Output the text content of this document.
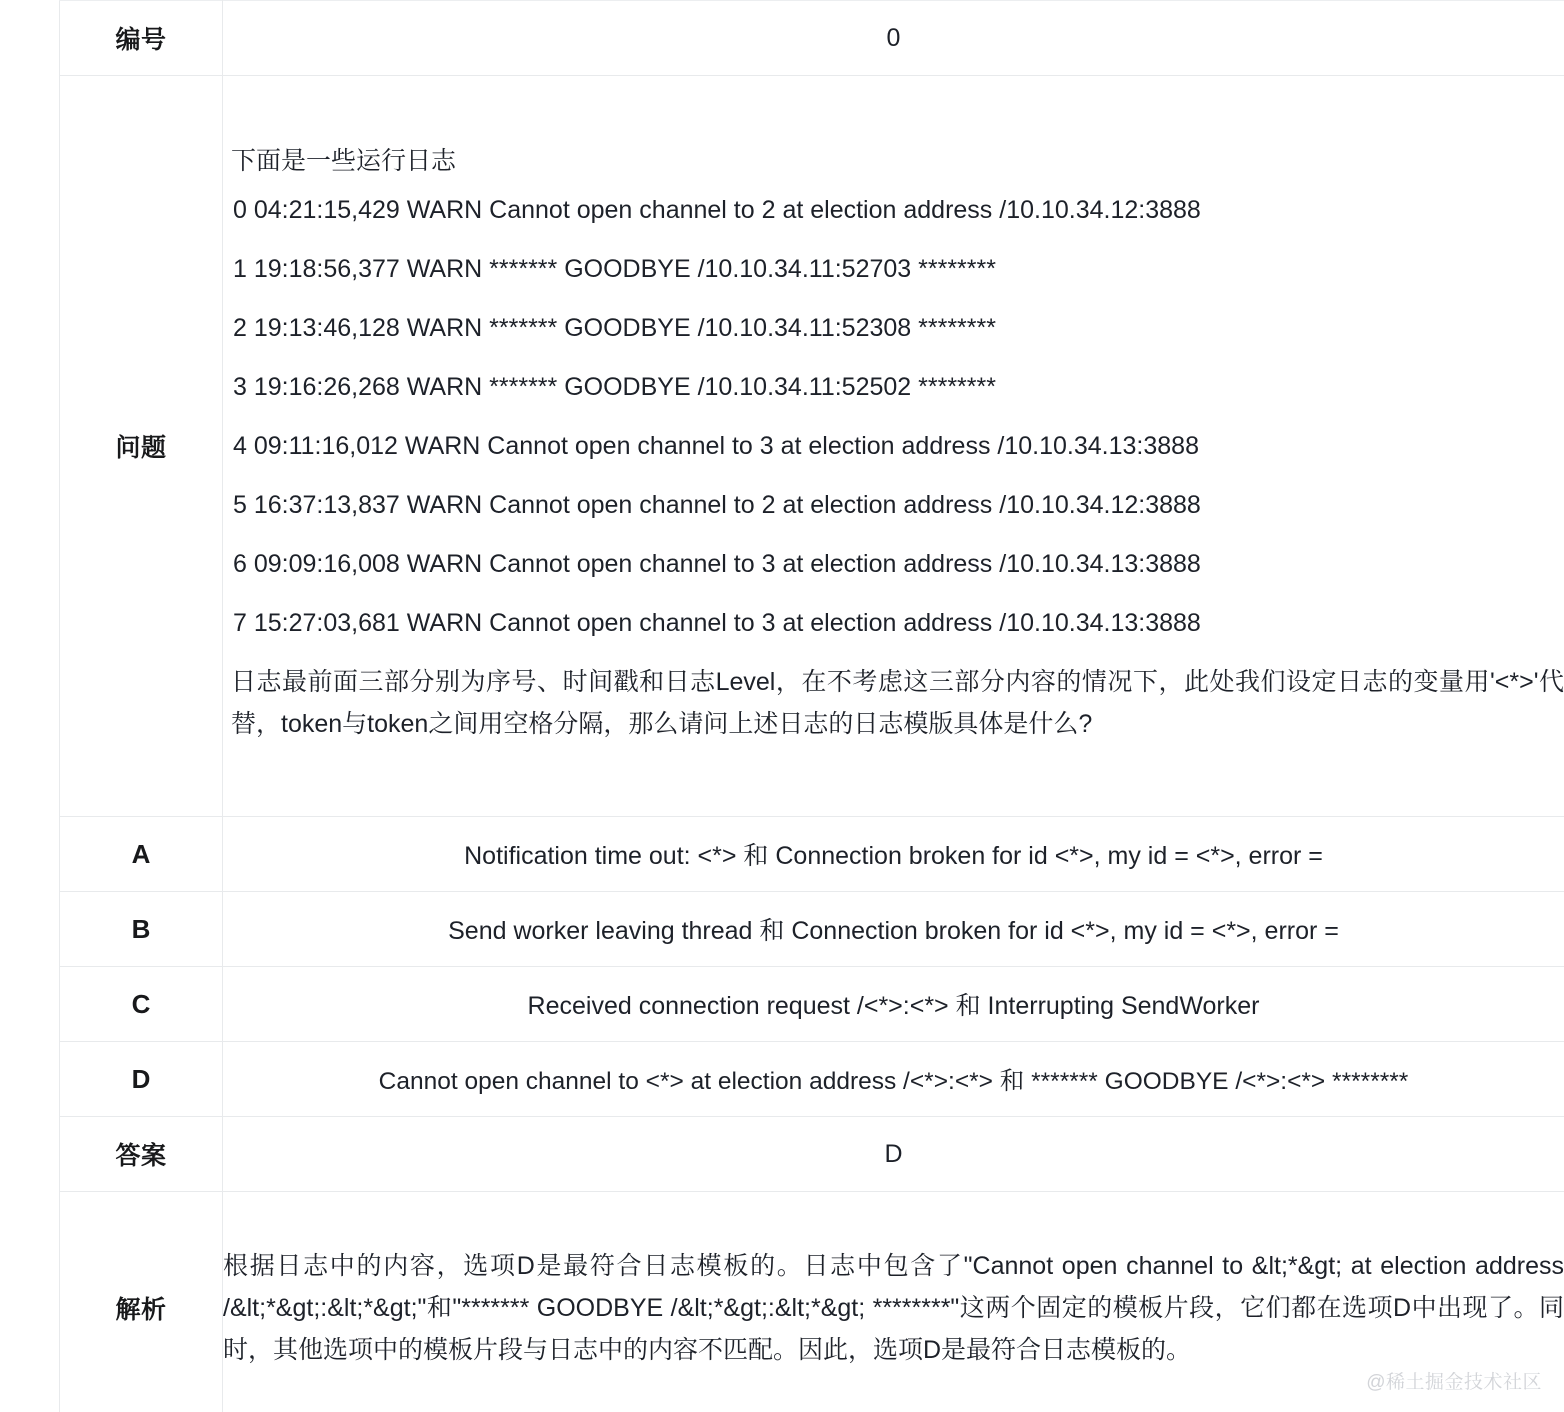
编号	0
问题	

下面是一些运行日志

0 04:21:15,429 WARN Cannot open channel to 2 at election address /10.10.34.12:3888
1 19:18:56,377 WARN ******* GOODBYE /10.10.34.11:52703 ********
2 19:13:46,128 WARN ******* GOODBYE /10.10.34.11:52308 ********
3 19:16:26,268 WARN ******* GOODBYE /10.10.34.11:52502 ********
4 09:11:16,012 WARN Cannot open channel to 3 at election address /10.10.34.13:3888
5 16:37:13,837 WARN Cannot open channel to 2 at election address /10.10.34.12:3888
6 09:09:16,008 WARN Cannot open channel to 3 at election address /10.10.34.13:3888
7 15:27:03,681 WARN Cannot open channel to 3 at election address /10.10.34.13:3888

日志最前面三部分别为序号、时间戳和日志Level，在不考虑这三部分内容的情况下，此处我们设定日志的变量用'<*>'代替，token与token之间用空格分隔，那么请问上述日志的日志模版具体是什么?

A	Notification time out: <*> 和 Connection broken for id <*>, my id = <*>, error =

B	Send worker leaving thread 和 Connection broken for id <*>, my id = <*>, error =

C	Received connection request /<*>:<*> 和 Interrupting SendWorker

D	Cannot open channel to <*> at election address /<*>:<*> 和 ******* GOODBYE /<*>:<*> ********

答案	D
解析	根据日志中的内容，选项D是最符合日志模板的。日志中包含了"Cannot open channel to &lt;*&gt; at election address /&lt;*&gt;:&lt;*&gt;"和"******* GOODBYE /&lt;*&gt;:&lt;*&gt; ********"这两个固定的模板片段，它们都在选项D中出现了。同时，其他选项中的模板片段与日志中的内容不匹配。因此，选项D是最符合日志模板的。

@稀土掘金技术社区
